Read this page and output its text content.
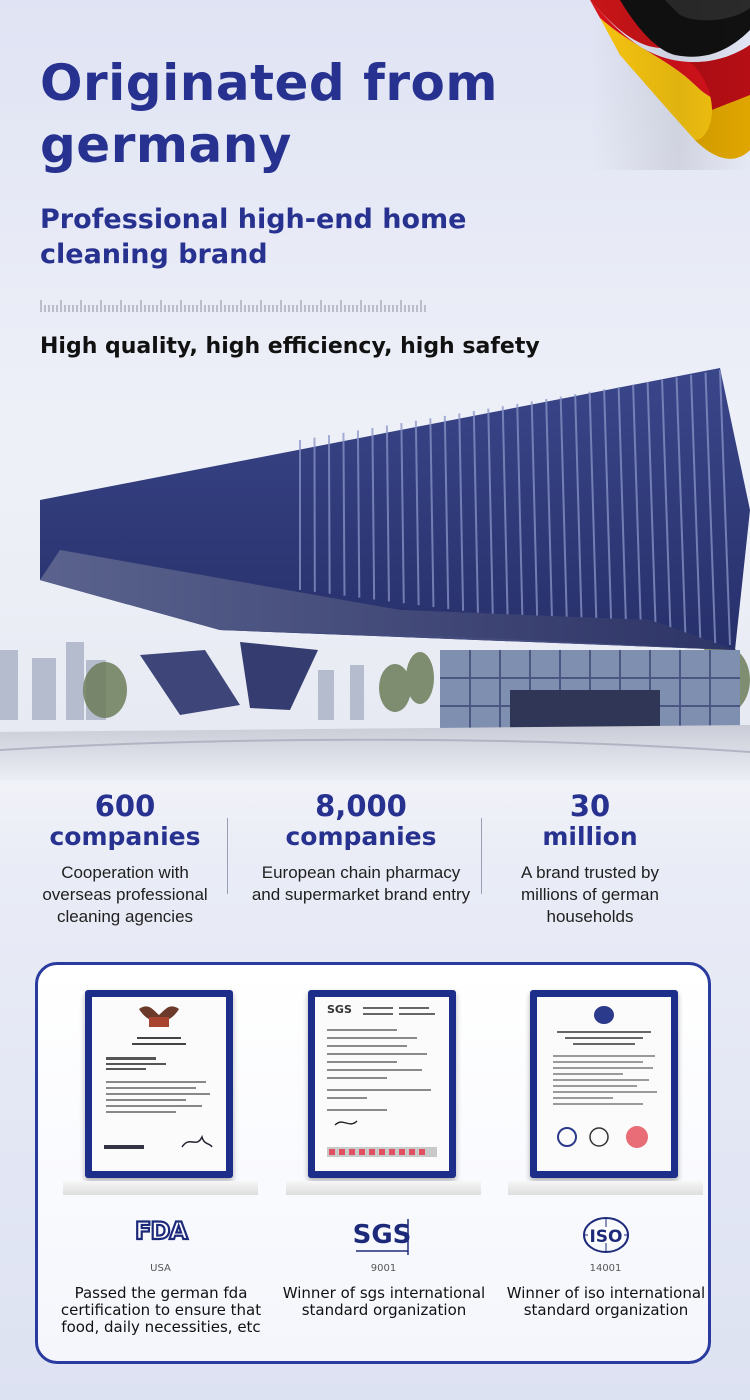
Originated from germany
Professional high-end home cleaning brand

High quality, high efficiency, high safety

600
companies
Cooperation with overseas professional cleaning agencies
8,000
companies
European chain pharmacy and supermarket brand entry
30
million
A brand trusted by millions of german households
FDA
USA
Passed the german fda certification to ensure that food, daily necessities, etc
SGS
SGS
9001
Winner of sgs international standard organization
ISO
14001
Winner of iso international standard organization
